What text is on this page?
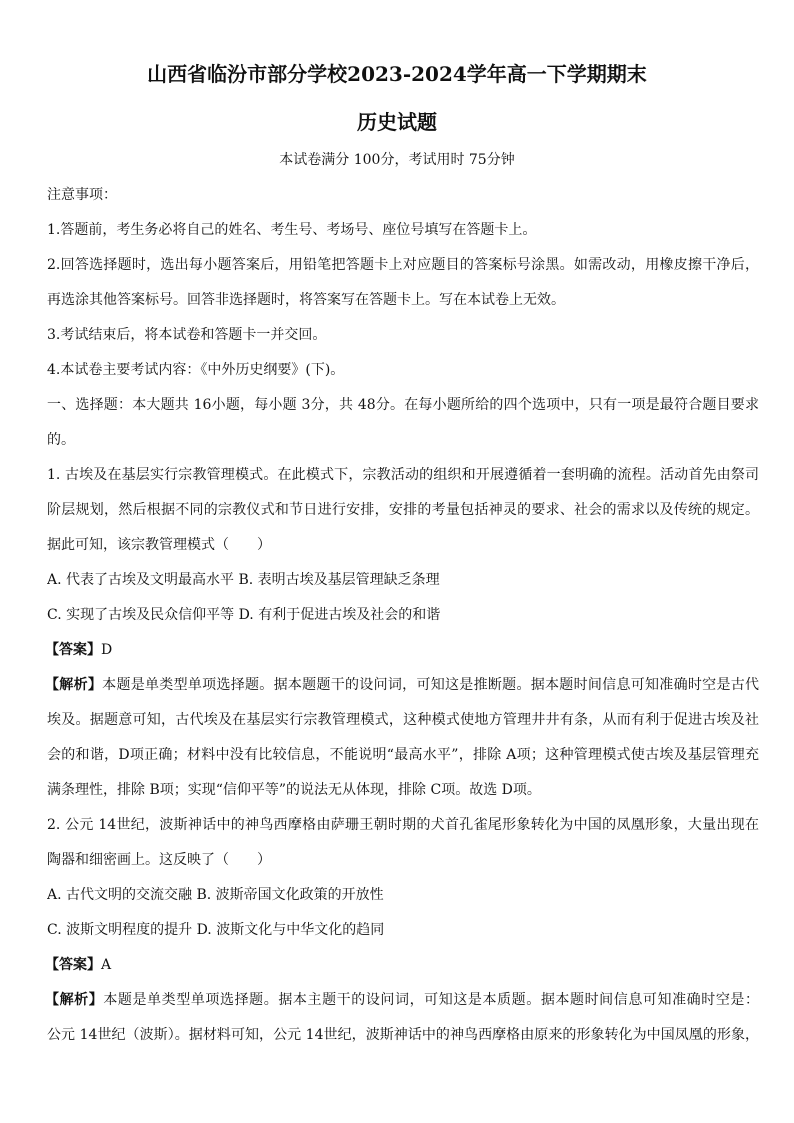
山西省临汾市部分学校2023-2024学年高一下学期期末
历史试题
本试卷满分 100分，考试用时 75分钟
注意事项：
1.答题前，考生务必将自己的姓名、考生号、考场号、座位号填写在答题卡上。
2.回答选择题时，选出每小题答案后，用铅笔把答题卡上对应题目的答案标号涂黑。如需改动，用橡皮擦干净后，
再选涂其他答案标号。回答非选择题时，将答案写在答题卡上。写在本试卷上无效。
3.考试结束后，将本试卷和答题卡一并交回。
4.本试卷主要考试内容：《中外历史纲要》(下)。
一、选择题：本大题共 16小题，每小题 3分，共 48分。在每小题所给的四个选项中，只有一项是最符合题目要求
的。
1. 古埃及在基层实行宗教管理模式。在此模式下，宗教活动的组织和开展遵循着一套明确的流程。活动首先由祭司
阶层规划，然后根据不同的宗教仪式和节日进行安排，安排的考量包括神灵的要求、社会的需求以及传统的规定。
据此可知，该宗教管理模式（　　）
A. 代表了古埃及文明最高水平 B. 表明古埃及基层管理缺乏条理
C. 实现了古埃及民众信仰平等 D. 有利于促进古埃及社会的和谐
【答案】D
【解析】本题是单类型单项选择题。据本题题干的设问词，可知这是推断题。据本题时间信息可知准确时空是古代
埃及。据题意可知，古代埃及在基层实行宗教管理模式，这种模式使地方管理井井有条，从而有利于促进古埃及社
会的和谐，D项正确；材料中没有比较信息，不能说明“最高水平”，排除 A项；这种管理模式使古埃及基层管理充
满条理性，排除 B项；实现“信仰平等”的说法无从体现，排除 C项。故选 D项。
2. 公元 14世纪，波斯神话中的神鸟西摩格由萨珊王朝时期的犬首孔雀尾形象转化为中国的凤凰形象，大量出现在
陶器和细密画上。这反映了（　　）
A. 古代文明的交流交融 B. 波斯帝国文化政策的开放性
C. 波斯文明程度的提升 D. 波斯文化与中华文化的趋同
【答案】A
【解析】本题是单类型单项选择题。据本主题干的设问词，可知这是本质题。据本题时间信息可知准确时空是：
公元 14世纪（波斯）。据材料可知，公元 14世纪，波斯神话中的神鸟西摩格由原来的形象转化为中国凤凰的形象，
